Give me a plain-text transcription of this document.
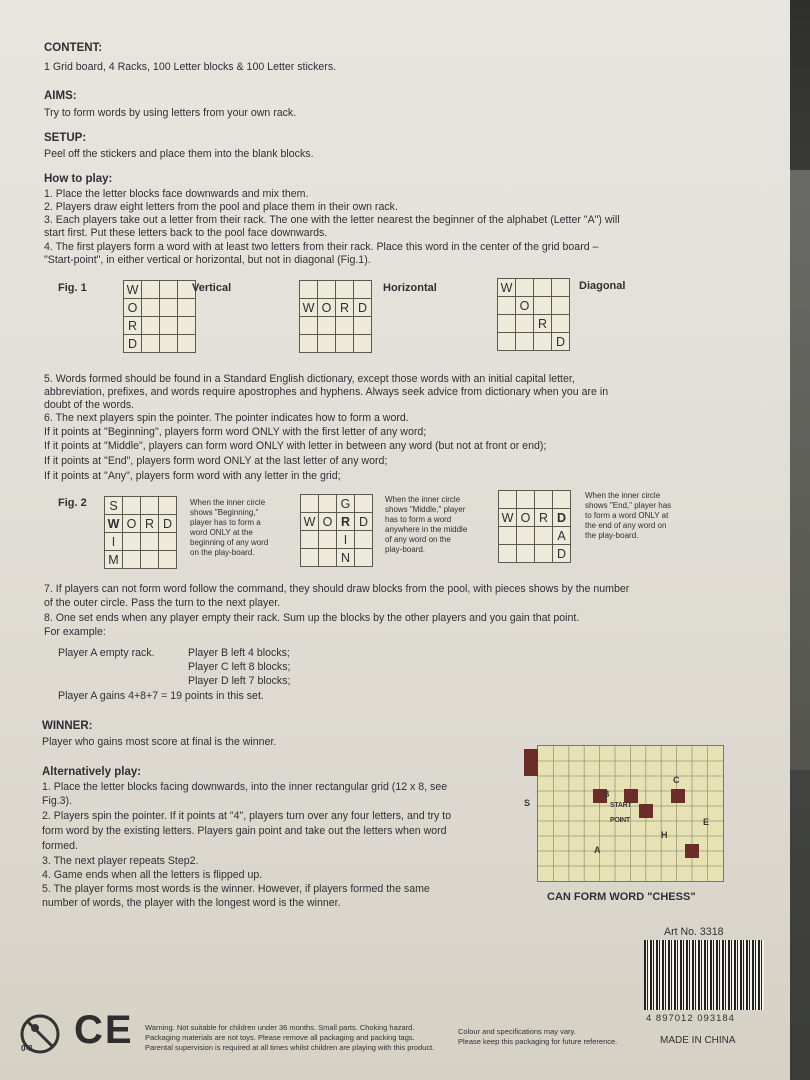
CONTENT:
1 Grid board, 4 Racks, 100 Letter blocks & 100 Letter stickers.
AIMS:
Try to form words by using letters from your own rack.
SETUP:
Peel off the stickers and place them into the blank blocks.
How to play:
1. Place the letter blocks face downwards and mix them.
2. Players draw eight letters from the pool and place them in their own rack.
3. Each players take out a letter from their rack. The one with the letter nearest the beginner of the alphabet (Letter "A") will
start first. Put these letters back to the pool face downwards.
4. The first players form a word with at least two letters from their rack. Place this word in the center of the grid board –
"Start-point", in either vertical or horizontal, but not in diagonal (Fig.1).
Fig. 1	W			
O			
R			
D			
Vertical

W	O	R	D

Horizontal	W			
	O		
		R	
			D
Diagonal
5. Words formed should be found in a Standard English dictionary, except those words with an initial capital letter,
abbreviation, prefixes, and words require apostrophes and hyphens. Always seek advice from dictionary when you are in
doubt of the words.
6. The next players spin the pointer. The pointer indicates how to form a word.
If it points at "Beginning", players form word ONLY with the first letter of any word;
If it points at "Middle", players can form word ONLY with letter in between any word (but not at front or end);
If it points at "End", players form word ONLY at the last letter of any word;
If it points at "Any", players form word with any letter in the grid;
Fig. 2 S			
W	O	R	D
I			
M			
When the inner circle
shows "Beginning,"
player has to form a
word ONLY at the
beginning of any word
on the play-board.
		G	
W	O	R	D
		I	
		N	
When the inner circle
shows "Middle," player
has to form a word
anywhere in the middle
of any word on the
play-board.

W	O	R	D
			A
			D
When the inner circle
shows "End," player has
to form a word ONLY at
the end of any word on
the play-board.
7. If players can not form word follow the command, they should draw blocks from the pool, with pieces shows by the number
of the outer circle. Pass the turn to the next player.
8. One set ends when any player empty their rack. Sum up the blocks by the other players and you gain that point.
For example:
Player A empty rack.	Player B left 4 blocks;
Player C left 8 blocks;
Player D left 7 blocks;
Player A gains 4+8+7 = 19 points in this set.
WINNER:
Player who gains most score at final is the winner.
Alternatively play:
1. Place the letter blocks facing downwards, into the inner rectangular grid (12 x 8, see
Fig.3).
2. Players spin the pointer. If it points at "4", players turn over any four letters, and try to
form word by the existing letters. Players gain point and take out the letters when word
formed.
3. The next player repeats Step2.
4. Game ends when all the letters is flipped up.
5. The player forms most words is the winner. However, if players formed the same
number of words, the player with the longest word is the winner.
S
B
C
START
POINT	E
H
A
CAN FORM WORD "CHESS"
Art No. 3318
4 897012 093184
MADE IN CHINA
0-3 CE Warning. Not suitable for children under 36 months. Small parts. Choking hazard.
Packaging materials are not toys. Please remove all packaging and packing tags.
Parental supervision is required at all times whilst children are playing with this product.
Colour and specifications may vary.
Please keep this packaging for future reference.
